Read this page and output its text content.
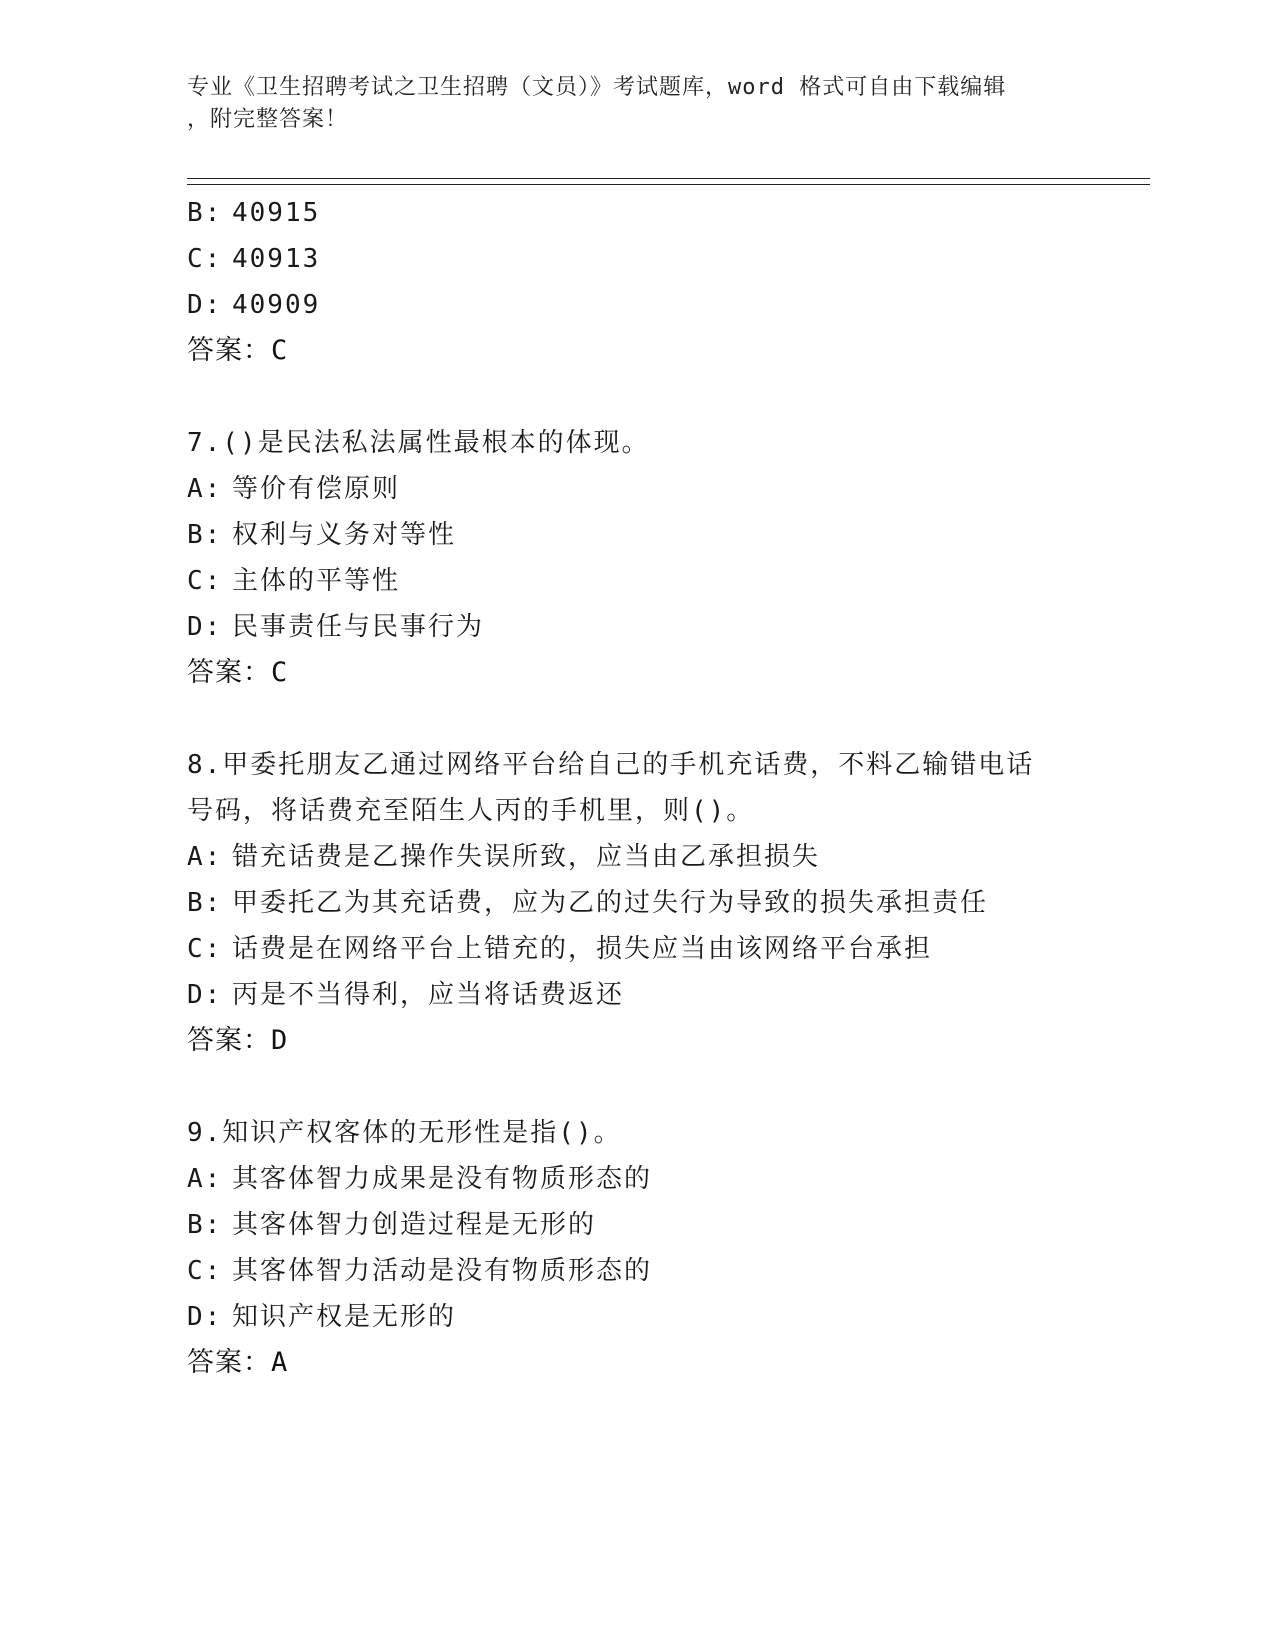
专业《卫生招聘考试之卫生招聘（文员）》考试题库，word 格式可自由下载编辑
，附完整答案！
B: 40915
C: 40913
D: 40909
答案：C
7.()是民法私法属性最根本的体现。
A: 等价有偿原则
B: 权利与义务对等性
C: 主体的平等性
D: 民事责任与民事行为
答案：C
8.甲委托朋友乙通过网络平台给自己的手机充话费，不料乙输错电话
号码，将话费充至陌生人丙的手机里，则()。
A: 错充话费是乙操作失误所致，应当由乙承担损失
B: 甲委托乙为其充话费，应为乙的过失行为导致的损失承担责任
C: 话费是在网络平台上错充的，损失应当由该网络平台承担
D: 丙是不当得利，应当将话费返还
答案：D
9.知识产权客体的无形性是指()。
A: 其客体智力成果是没有物质形态的
B: 其客体智力创造过程是无形的
C: 其客体智力活动是没有物质形态的
D: 知识产权是无形的
答案：A
